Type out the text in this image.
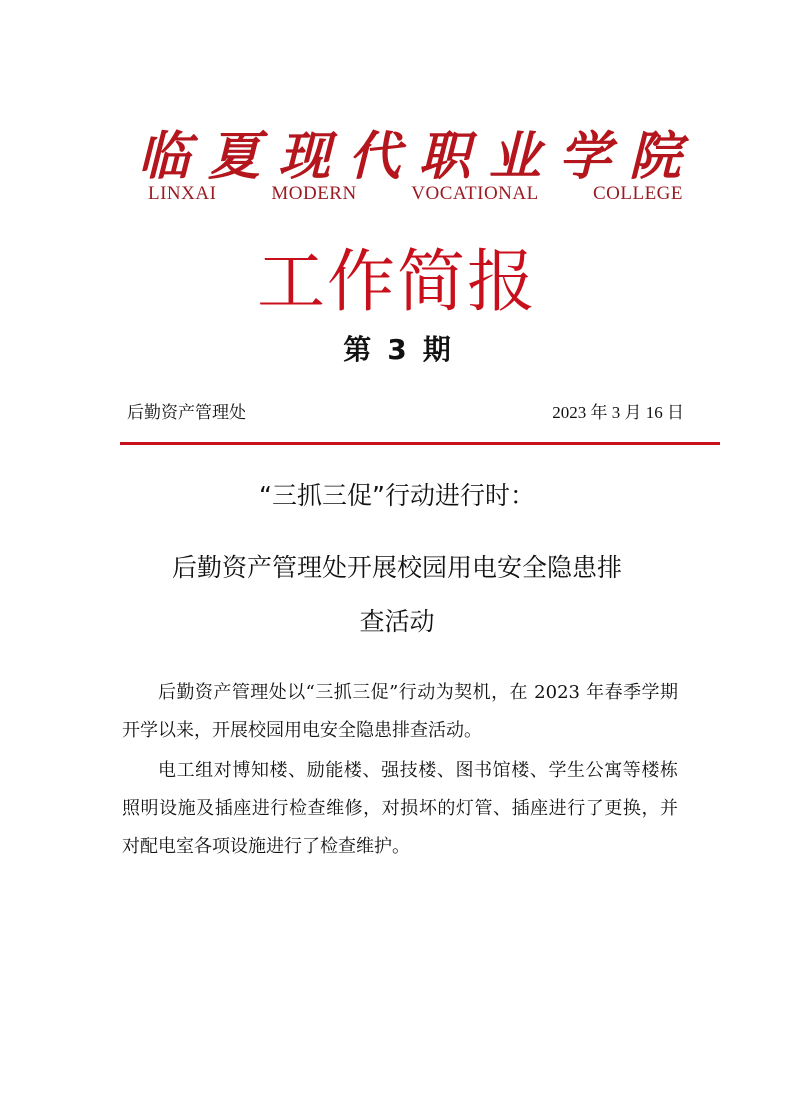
临夏现代职业学院
LINXAI MODERN VOCATIONAL COLLEGE
工作简报
第 3 期
后勤资产管理处	2023 年 3 月 16 日
“三抓三促”行动进行时：
后勤资产管理处开展校园用电安全隐患排
查活动

后勤资产管理处以“三抓三促”行动为契机，在 2023 年春季学期开学以来，开展校园用电安全隐患排查活动。

电工组对博知楼、励能楼、强技楼、图书馆楼、学生公寓等楼栋照明设施及插座进行检查维修，对损坏的灯管、插座进行了更换，并对配电室各项设施进行了检查维护。
